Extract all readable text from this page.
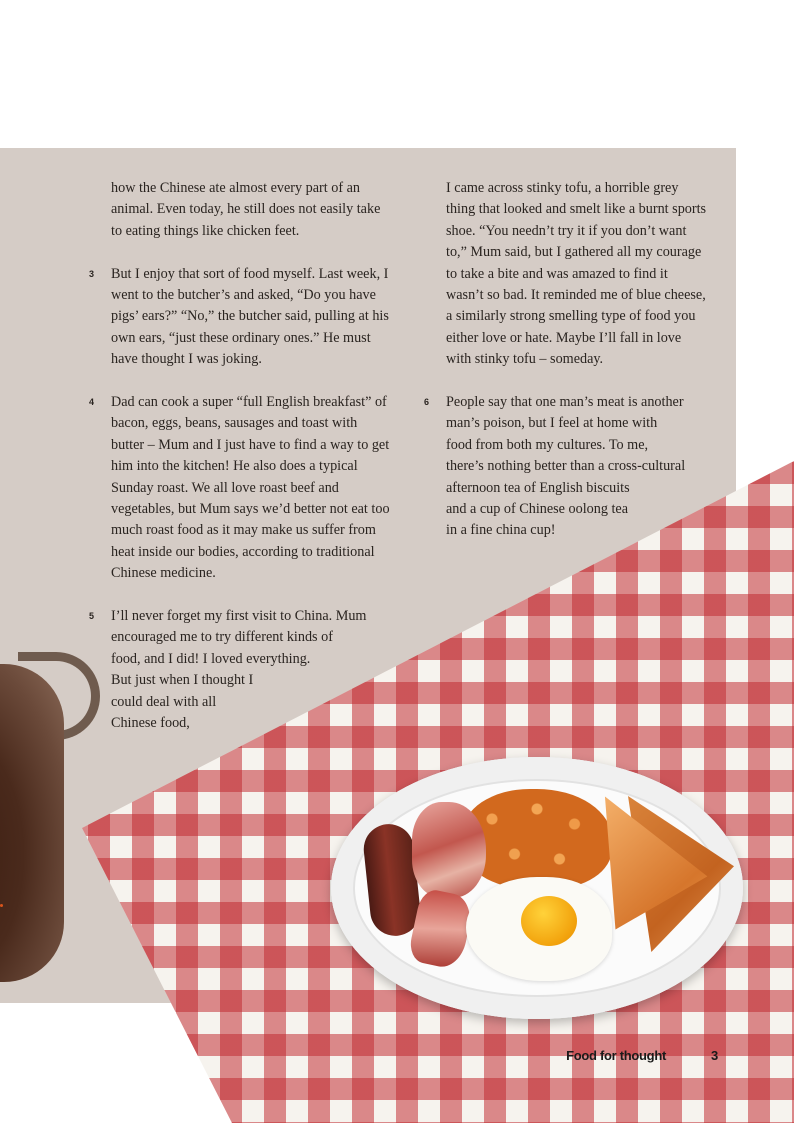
how the Chinese ate almost every part of an animal. Even today, he still does not easily take to eating things like chicken feet.

3 But I enjoy that sort of food myself. Last week, I went to the butcher’s and asked, “Do you have pigs’ ears?” “No,” the butcher said, pulling at his own ears, “just these ordinary ones.” He must have thought I was joking.

4 Dad can cook a super “full English breakfast” of bacon, eggs, beans, sausages and toast with butter – Mum and I just have to find a way to get him into the kitchen! He also does a typical Sunday roast. We all love roast beef and vegetables, but Mum says we’d better not eat too much roast food as it may make us suffer from heat inside our bodies, according to traditional Chinese medicine.

5 I’ll never forget my first visit to China. Mum
encouraged me to try different kinds of
food, and I did! I loved everything.
But just when I thought I
could deal with all
Chinese food,

I came across stinky tofu, a horrible grey thing that looked and smelt like a burnt sports shoe. “You needn’t try it if you don’t want to,” Mum said, but I gathered all my courage to take a bite and was amazed to find it wasn’t so bad. It reminded me of blue cheese, a similarly strong smelling type of food you either love or hate. Maybe I’ll fall in love with stinky tofu – someday.

6 People say that one man’s meat is another
man’s poison, but I feel at home with
food from both my cultures. To me,
there’s nothing better than a cross-cultural
afternoon tea of English biscuits
and a cup of Chinese oolong tea
in a fine china cup!

Food for thought	3
